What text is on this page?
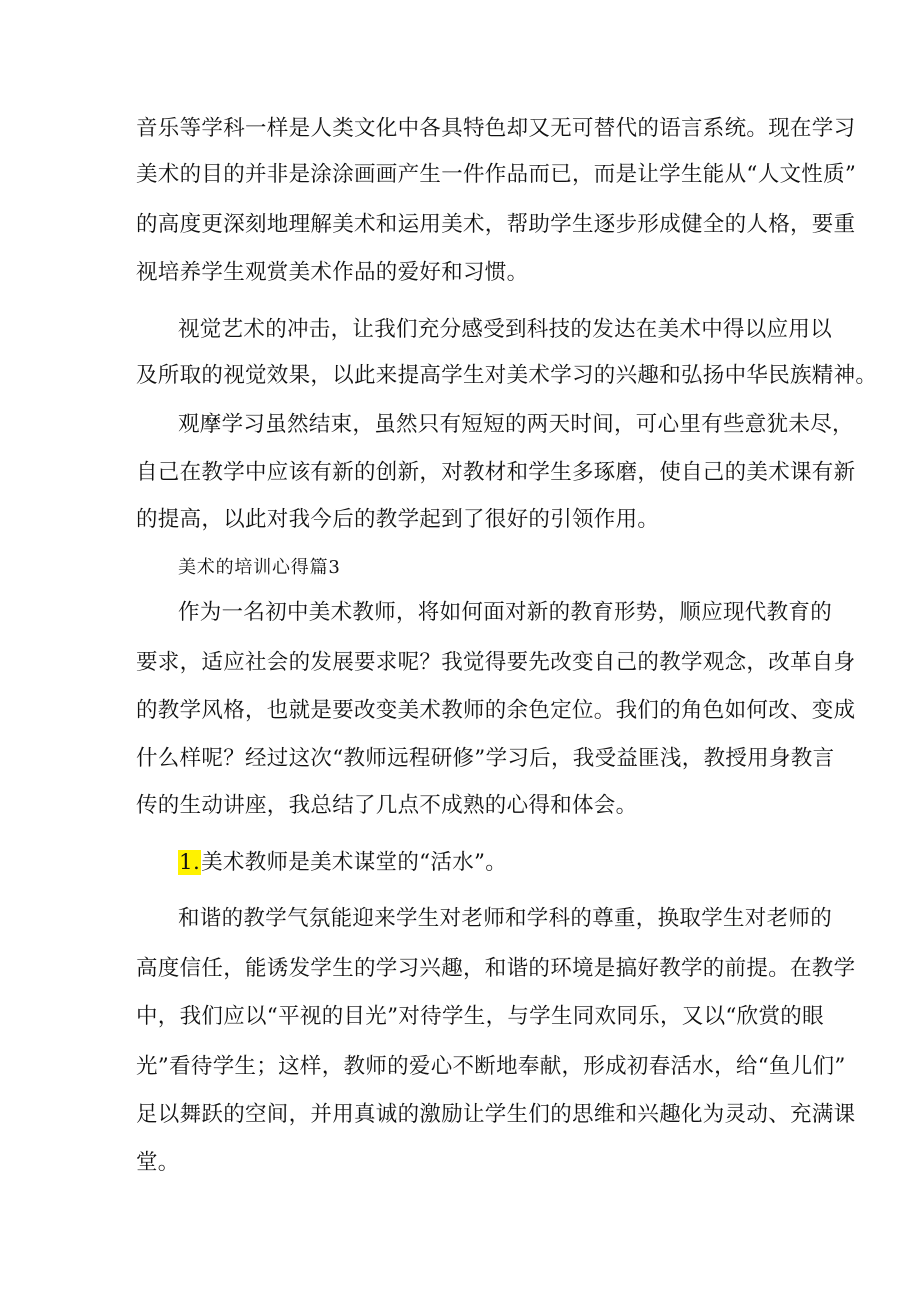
音乐等学科一样是人类文化中各具特色却又无可替代的语言系统。现在学习
美术的目的并非是涂涂画画产生一件作品而已，而是让学生能从“人文性质”
的高度更深刻地理解美术和运用美术，帮助学生逐步形成健全的人格，要重
视培养学生观赏美术作品的爱好和习惯。
视觉艺术的冲击，让我们充分感受到科技的发达在美术中得以应用以
及所取的视觉效果，以此来提高学生对美术学习的兴趣和弘扬中华民族精神。
观摩学习虽然结束，虽然只有短短的两天时间，可心里有些意犹未尽，
自己在教学中应该有新的创新，对教材和学生多琢磨，使自己的美术课有新
的提高，以此对我今后的教学起到了很好的引领作用。
美术的培训心得篇3
作为一名初中美术教师，将如何面对新的教育形势，顺应现代教育的
要求，适应社会的发展要求呢？我觉得要先改变自己的教学观念，改革自身
的教学风格，也就是要改变美术教师的余色定位。我们的角色如何改、变成
什么样呢？经过这次“教师远程研修”学习后，我受益匪浅，教授用身教言
传的生动讲座，我总结了几点不成熟的心得和体会。
1.美术教师是美术谋堂的“活水”。
和谐的教学气氛能迎来学生对老师和学科的尊重，换取学生对老师的
高度信任，能诱发学生的学习兴趣，和谐的环境是搞好教学的前提。在教学
中，我们应以“平视的目光”对待学生，与学生同欢同乐，又以“欣赏的眼
光”看待学生；这样，教师的爱心不断地奉献，形成初春活水，给“鱼儿们”
足以舞跃的空间，并用真诚的激励让学生们的思维和兴趣化为灵动、充满课
堂。
